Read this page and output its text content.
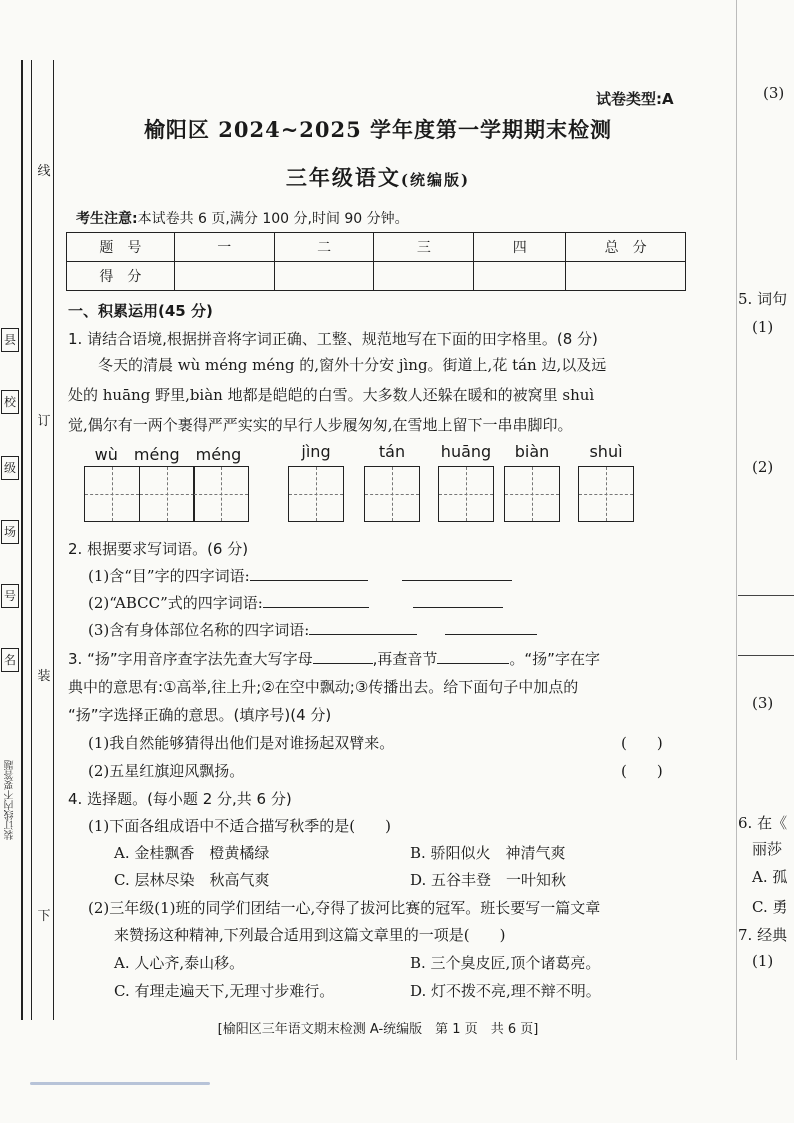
县
校
级
场
号
名
线
订
装
下
装订线内不要答题
(3)
5. 词句
(1)
(2)
(3)
6. 在《
丽莎
A. 孤
C. 勇
7. 经典
(1)
试卷类型:A
榆阳区 2024~2025 学年度第一学期期末检测
三年级语文(统编版)
考生注意:本试卷共 6 页,满分 100 分,时间 90 分钟。
题　号	一	二	三	四	总　分
得　分					
一、积累运用(45 分)
1. 请结合语境,根据拼音将字词正确、工整、规范地写在下面的田字格里。(8 分)

　　冬天的清晨 wù méng méng 的,窗外十分安 jìng。街道上,花 tán 边,以及远

处的 huāng 野里,biàn 地都是皑皑的白雪。大多数人还躲在暖和的被窝里 shuì

觉,偶尔有一两个裹得严严实实的早行人步履匆匆,在雪地上留下一串串脚印。

wù　méng　méng	jìng	tán	huāng	biàn	shuì
2. 根据要求写词语。(6 分)
(1)含“目”字的四字词语:
(2)“ABCC”式的四字词语:
(3)含有身体部位名称的四字词语:
3. “扬”字用音序查字法先查大写字母	,再查音节	。“扬”字在字
典中的意思有:①高举,往上升;②在空中飘动;③传播出去。给下面句子中加点的
“扬”字选择正确的意思。(填序号)(4 分)
(1)我自然能够猜得出他们是对谁扬起双臂来。	(　　)
(2)五星红旗迎风飘扬。	(　　)
4. 选择题。(每小题 2 分,共 6 分)
(1)下面各组成语中不适合描写秋季的是(　　)
A. 金桂飘香　橙黄橘绿	B. 骄阳似火　神清气爽
C. 层林尽染　秋高气爽	D. 五谷丰登　一叶知秋
(2)三年级(1)班的同学们团结一心,夺得了拔河比赛的冠军。班长要写一篇文章
来赞扬这种精神,下列最合适用到这篇文章里的一项是(　　)
A. 人心齐,泰山移。	B. 三个臭皮匠,顶个诸葛亮。
C. 有理走遍天下,无理寸步难行。	D. 灯不拨不亮,理不辩不明。
[榆阳区三年语文期末检测 A-统编版　第 1 页　共 6 页]
